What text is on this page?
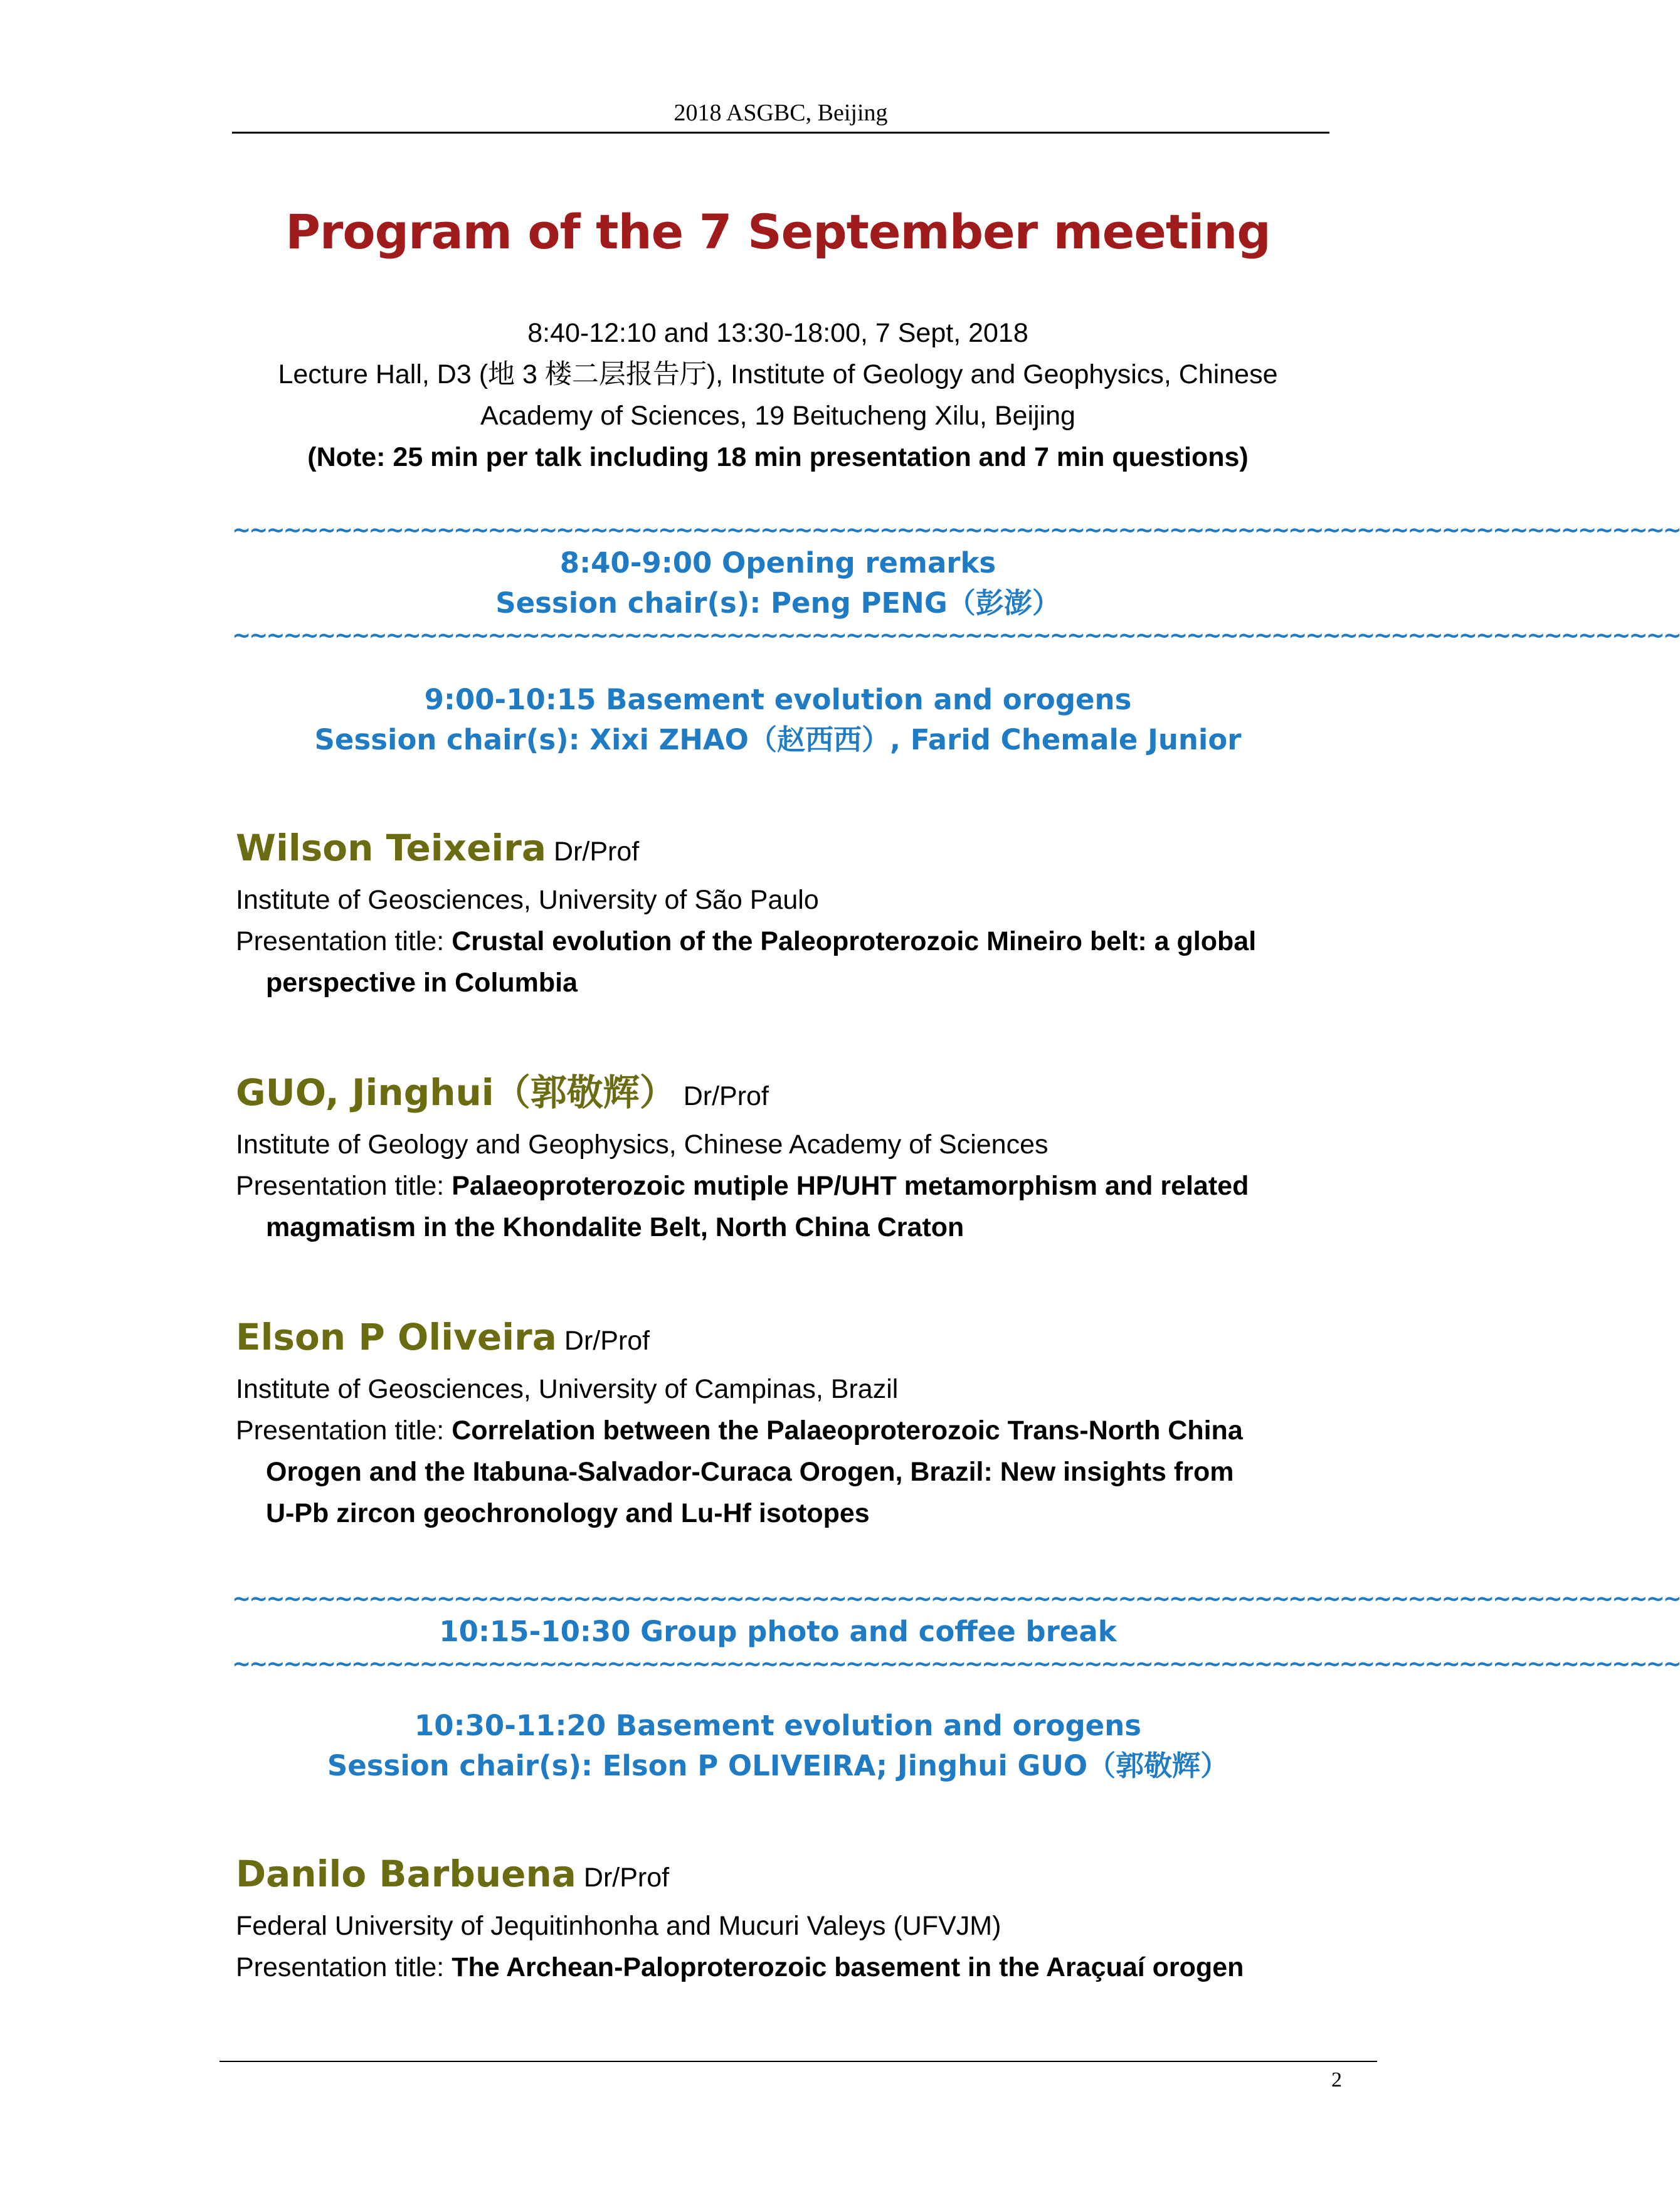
2018 ASGBC, Beijing
Program of the 7 September meeting
8:40-12:10 and 13:30-18:00, 7 Sept, 2018
Lecture Hall, D3 (地 3 楼二层报告厅), Institute of Geology and Geophysics, Chinese
Academy of Sciences, 19 Beitucheng Xilu, Beijing
(Note: 25 min per talk including 18 min presentation and 7 min questions)
~~~~~~~~~~~~~~~~~~~~~~~~~~~~~~~~~~~~~~~~~~~~~~~~~~~~~~~~~~~~~~~~~~~~~~~~~~~~~~~~~~~~~
8:40-9:00 Opening remarks
Session chair(s): Peng PENG（彭澎）
~~~~~~~~~~~~~~~~~~~~~~~~~~~~~~~~~~~~~~~~~~~~~~~~~~~~~~~~~~~~~~~~~~~~~~~~~~~~~~~~~~~~~
9:00-10:15 Basement evolution and orogens
Session chair(s): Xixi ZHAO（赵西西）, Farid Chemale Junior
Wilson Teixeira Dr/Prof
Institute of Geosciences, University of São Paulo
Presentation title: Crustal evolution of the Paleoproterozoic Mineiro belt: a global
perspective in Columbia
GUO, Jinghui（郭敬辉） Dr/Prof
Institute of Geology and Geophysics, Chinese Academy of Sciences
Presentation title: Palaeoproterozoic mutiple HP/UHT metamorphism and related
magmatism in the Khondalite Belt, North China Craton
Elson P Oliveira Dr/Prof
Institute of Geosciences, University of Campinas, Brazil
Presentation title: Correlation between the Palaeoproterozoic Trans-North China
Orogen and the Itabuna-Salvador-Curaca Orogen, Brazil: New insights from
U-Pb zircon geochronology and Lu-Hf isotopes
~~~~~~~~~~~~~~~~~~~~~~~~~~~~~~~~~~~~~~~~~~~~~~~~~~~~~~~~~~~~~~~~~~~~~~~~~~~~~~~~~~~~~
10:15-10:30 Group photo and coffee break
~~~~~~~~~~~~~~~~~~~~~~~~~~~~~~~~~~~~~~~~~~~~~~~~~~~~~~~~~~~~~~~~~~~~~~~~~~~~~~~~~~~~~
10:30-11:20 Basement evolution and orogens
Session chair(s): Elson P OLIVEIRA; Jinghui GUO（郭敬辉）
Danilo Barbuena Dr/Prof
Federal University of Jequitinhonha and Mucuri Valeys (UFVJM)
Presentation title: The Archean-Paloproterozoic basement in the Araçuaí orogen
2
